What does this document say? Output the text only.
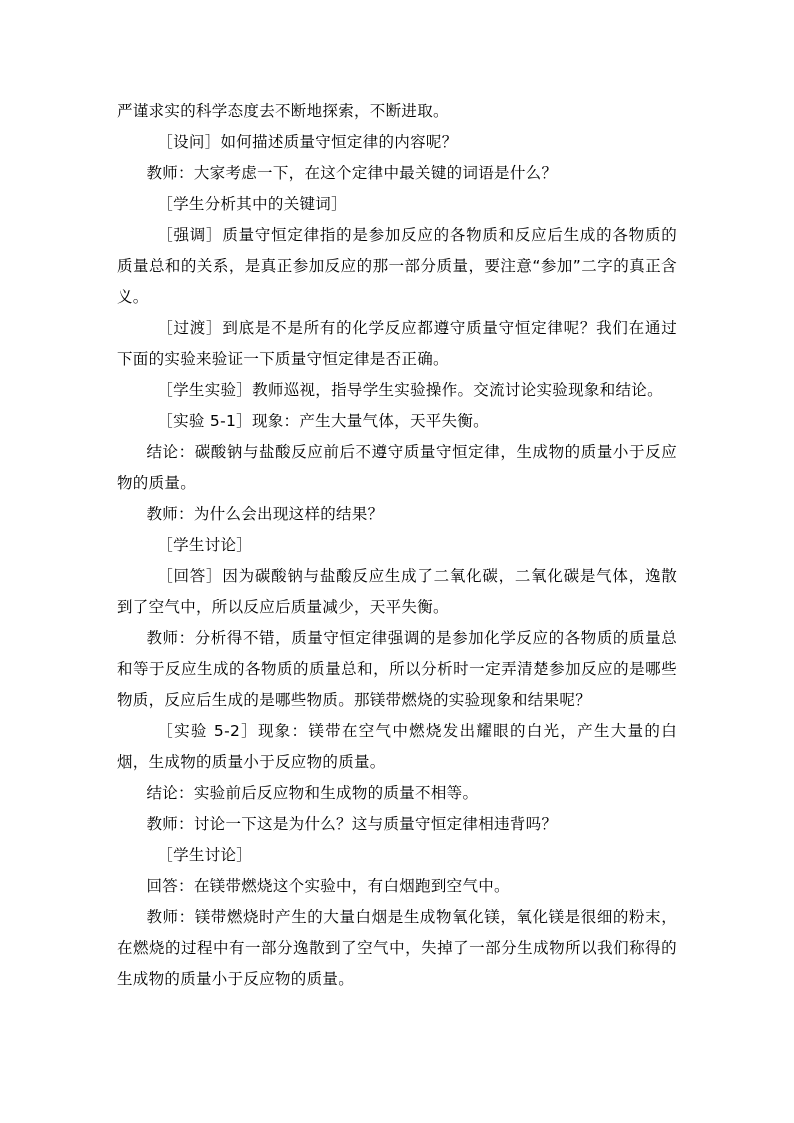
严谨求实的科学态度去不断地探索，不断进取。

［设问］如何描述质量守恒定律的内容呢？

教师：大家考虑一下，在这个定律中最关键的词语是什么？

［学生分析其中的关键词］

［强调］质量守恒定律指的是参加反应的各物质和反应后生成的各物质的质量总和的关系，是真正参加反应的那一部分质量，要注意“参加”二字的真正含义。

［过渡］到底是不是所有的化学反应都遵守质量守恒定律呢？我们在通过下面的实验来验证一下质量守恒定律是否正确。

［学生实验］教师巡视，指导学生实验操作。交流讨论实验现象和结论。

［实验 5-1］现象：产生大量气体，天平失衡。

结论：碳酸钠与盐酸反应前后不遵守质量守恒定律，生成物的质量小于反应物的质量。

教师：为什么会出现这样的结果？

［学生讨论］

［回答］因为碳酸钠与盐酸反应生成了二氧化碳，二氧化碳是气体，逸散到了空气中，所以反应后质量减少，天平失衡。

教师：分析得不错，质量守恒定律强调的是参加化学反应的各物质的质量总和等于反应生成的各物质的质量总和，所以分析时一定弄清楚参加反应的是哪些物质，反应后生成的是哪些物质。那镁带燃烧的实验现象和结果呢？

［实验 5-2］现象：镁带在空气中燃烧发出耀眼的白光，产生大量的白烟，生成物的质量小于反应物的质量。

结论：实验前后反应物和生成物的质量不相等。

教师：讨论一下这是为什么？这与质量守恒定律相违背吗？

［学生讨论］

回答：在镁带燃烧这个实验中，有白烟跑到空气中。

教师：镁带燃烧时产生的大量白烟是生成物氧化镁，氧化镁是很细的粉末，在燃烧的过程中有一部分逸散到了空气中，失掉了一部分生成物所以我们称得的生成物的质量小于反应物的质量。
